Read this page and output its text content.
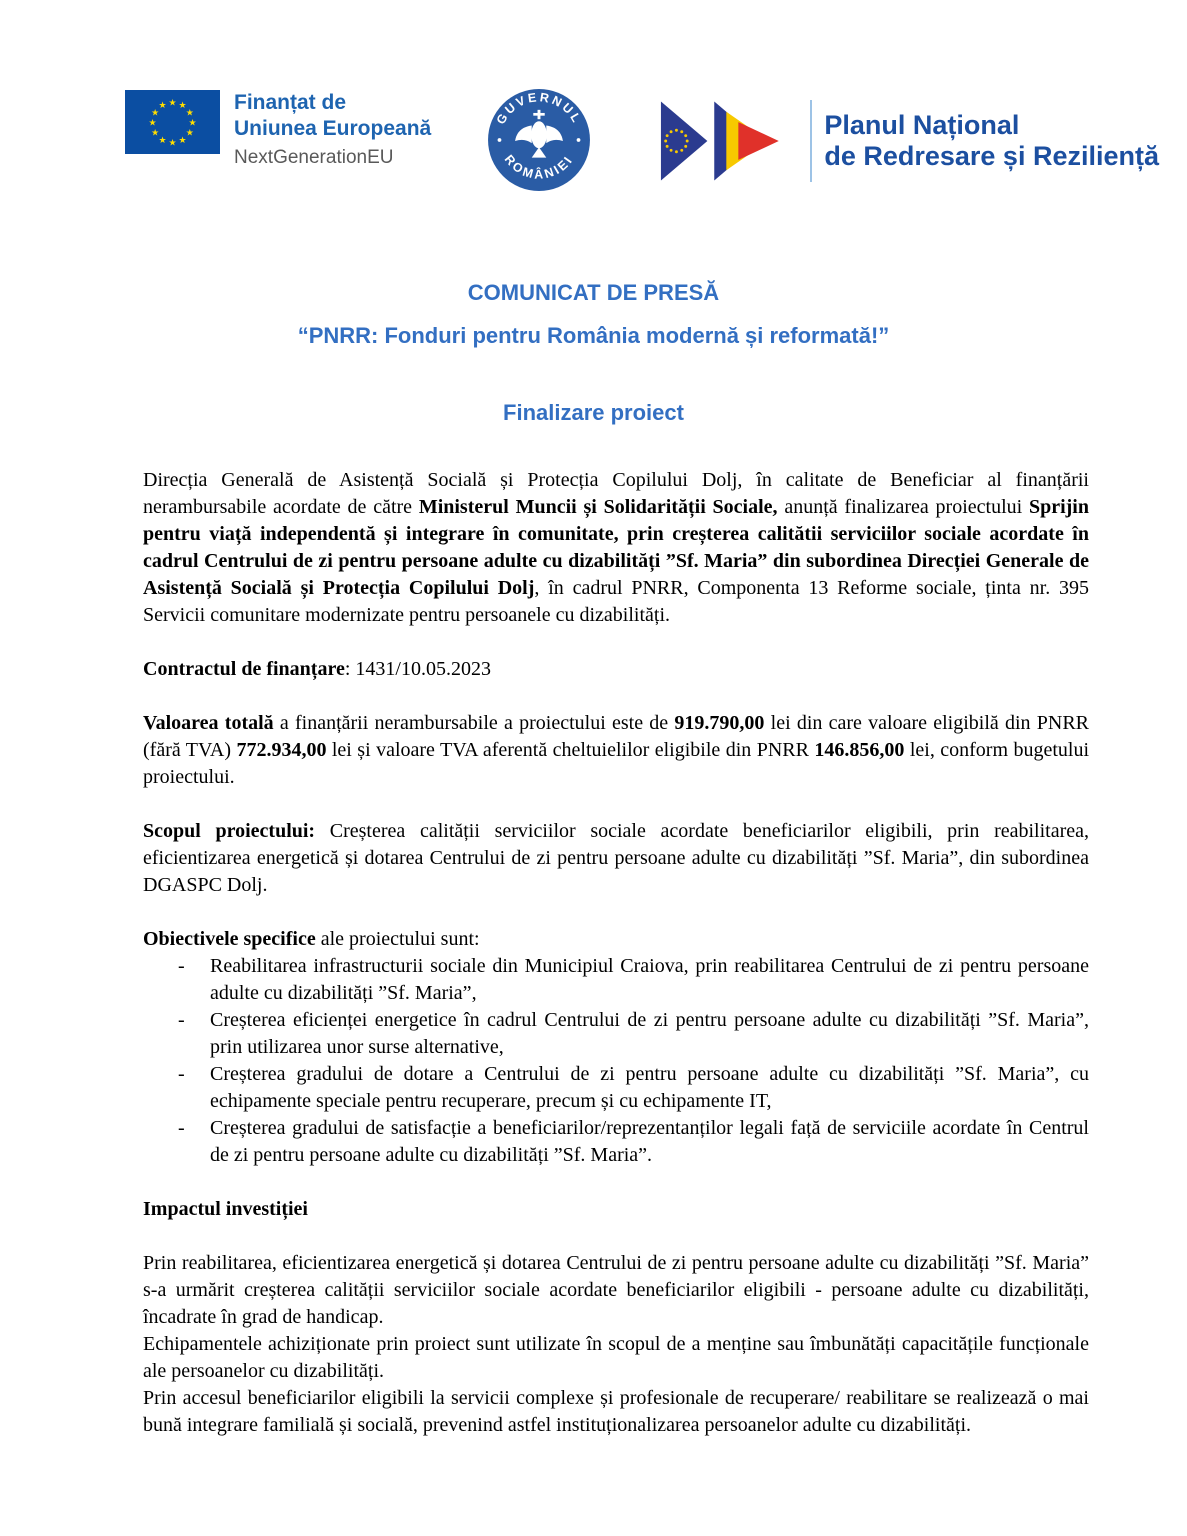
★ ★
★
★
★
★
★
★
★
★
★
★	Finanțat de
Uniunea Europeană
NextGenerationEU
GUVERNUL
ROMÂNIEI
Planul Național
de Redresare și Reziliență
COMUNICAT DE PRESĂ
“PNRR: Fonduri pentru România modernă și reformată!”
Finalizare proiect

Direcția Generală de Asistență Socială și Protecția Copilului Dolj, în calitate de Beneficiar al finanțării nerambursabile acordate de către Ministerul Muncii și Solidarității Sociale, anunță finalizarea proiectului Sprijin pentru viață independentă și integrare în comunitate, prin creșterea calitătii serviciilor sociale acordate în cadrul Centrului de zi pentru persoane adulte cu dizabilități ”Sf. Maria” din subordinea Direcției Generale de Asistență Socială și Protecția Copilului Dolj, în cadrul PNRR, Componenta 13 Reforme sociale, ținta nr. 395 Servicii comunitare modernizate pentru persoanele cu dizabilități.

Contractul de finanțare: 1431/10.05.2023

Valoarea totală a finanțării nerambursabile a proiectului este de 919.790,00 lei din care valoare eligibilă din PNRR (fără TVA) 772.934,00 lei și valoare TVA aferentă cheltuielilor eligibile din PNRR 146.856,00 lei, conform bugetului proiectului.

Scopul proiectului: Creșterea calității serviciilor sociale acordate beneficiarilor eligibili, prin reabilitarea, eficientizarea energetică și dotarea Centrului de zi pentru persoane adulte cu dizabilități ”Sf. Maria”, din subordinea DGASPC Dolj.

Obiectivele specifice ale proiectului sunt:

- Reabilitarea infrastructurii sociale din Municipiul Craiova, prin reabilitarea Centrului de zi pentru persoane adulte cu dizabilități ”Sf. Maria”,
- Creșterea eficienței energetice în cadrul Centrului de zi pentru persoane adulte cu dizabilități ”Sf. Maria”, prin utilizarea unor surse alternative,
- Creșterea gradului de dotare a Centrului de zi pentru persoane adulte cu dizabilități ”Sf. Maria”, cu echipamente speciale pentru recuperare, precum și cu echipamente IT,
- Creșterea gradului de satisfacție a beneficiarilor/reprezentanților legali față de serviciile acordate în Centrul de zi pentru persoane adulte cu dizabilități ”Sf. Maria”.

Impactul investiției

Prin reabilitarea, eficientizarea energetică și dotarea Centrului de zi pentru persoane adulte cu dizabilități ”Sf. Maria” s-a urmărit creșterea calității serviciilor sociale acordate beneficiarilor eligibili - persoane adulte cu dizabilități, încadrate în grad de handicap.

Echipamentele achiziționate prin proiect sunt utilizate în scopul de a menține sau îmbunătăți capacitățile funcționale ale persoanelor cu dizabilități.

Prin accesul beneficiarilor eligibili la servicii complexe și profesionale de recuperare/ reabilitare se realizează o mai bună integrare familială și socială, prevenind astfel instituționalizarea persoanelor adulte cu dizabilități.
